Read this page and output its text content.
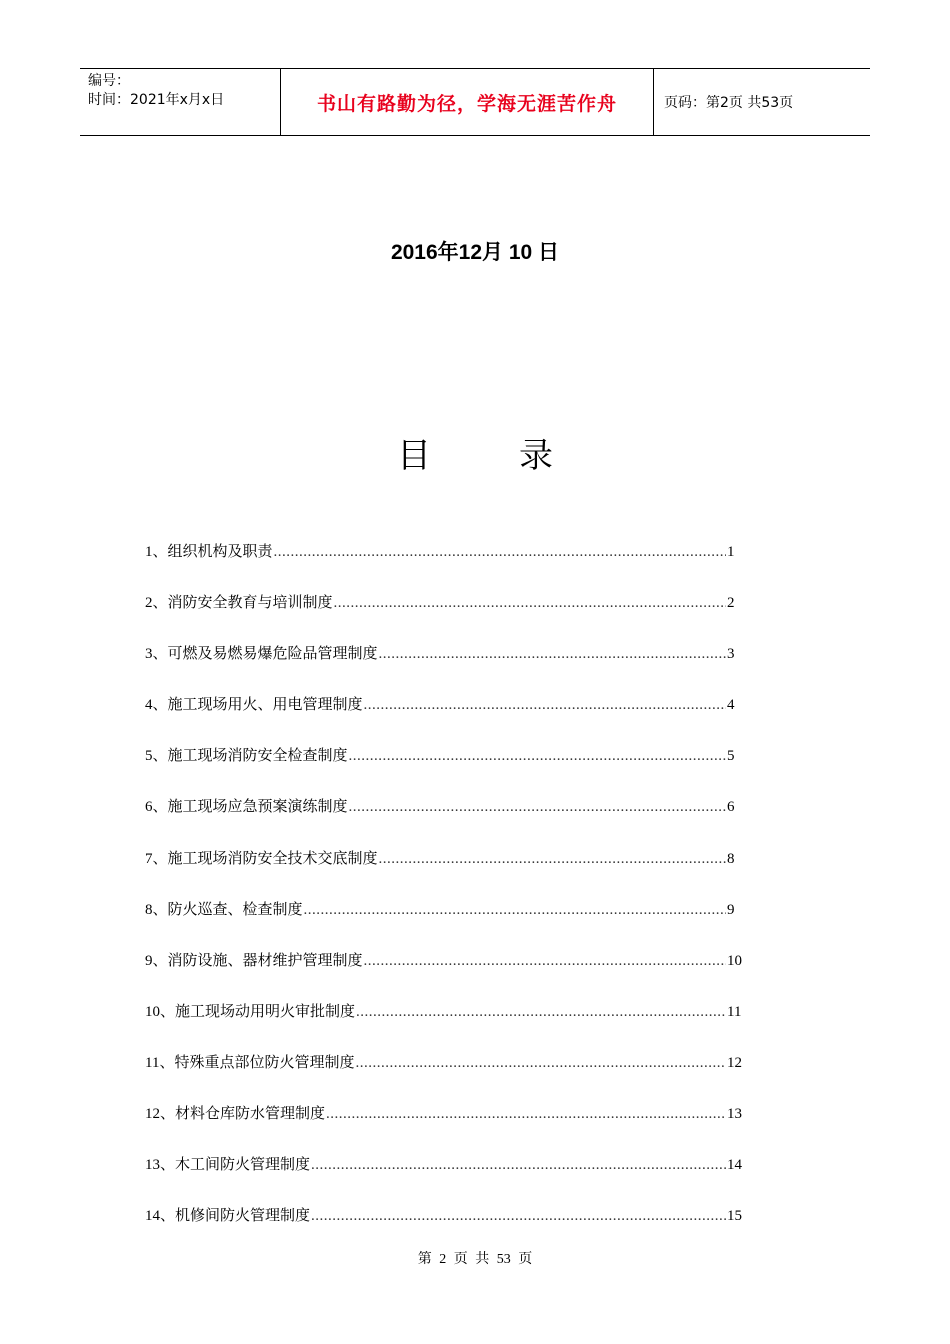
编号：
时间：2021年x月x日	书山有路勤为径，学海无涯苦作舟	页码：第2页 共53页
2016年12月 10 日
目	录
1、组织机构及职责 .....	1
2、消防安全教育与培训制度 .....	2
3、可燃及易燃易爆危险品管理制度 .....	3
4、施工现场用火、用电管理制度 .....	4
5、施工现场消防安全检查制度 .....	5
6、施工现场应急预案演练制度 .....	6
7、施工现场消防安全技术交底制度 .....	8
8、防火巡查、检查制度 .....	9
9、消防设施、器材维护管理制度 .....	10
10、施工现场动用明火审批制度 .....	11
11、特殊重点部位防火管理制度 .....	12
12、材料仓库防水管理制度 .....	13
13、木工间防火管理制度 .....	14
14、机修间防火管理制度 .....	15
第 2 页 共 53 页
